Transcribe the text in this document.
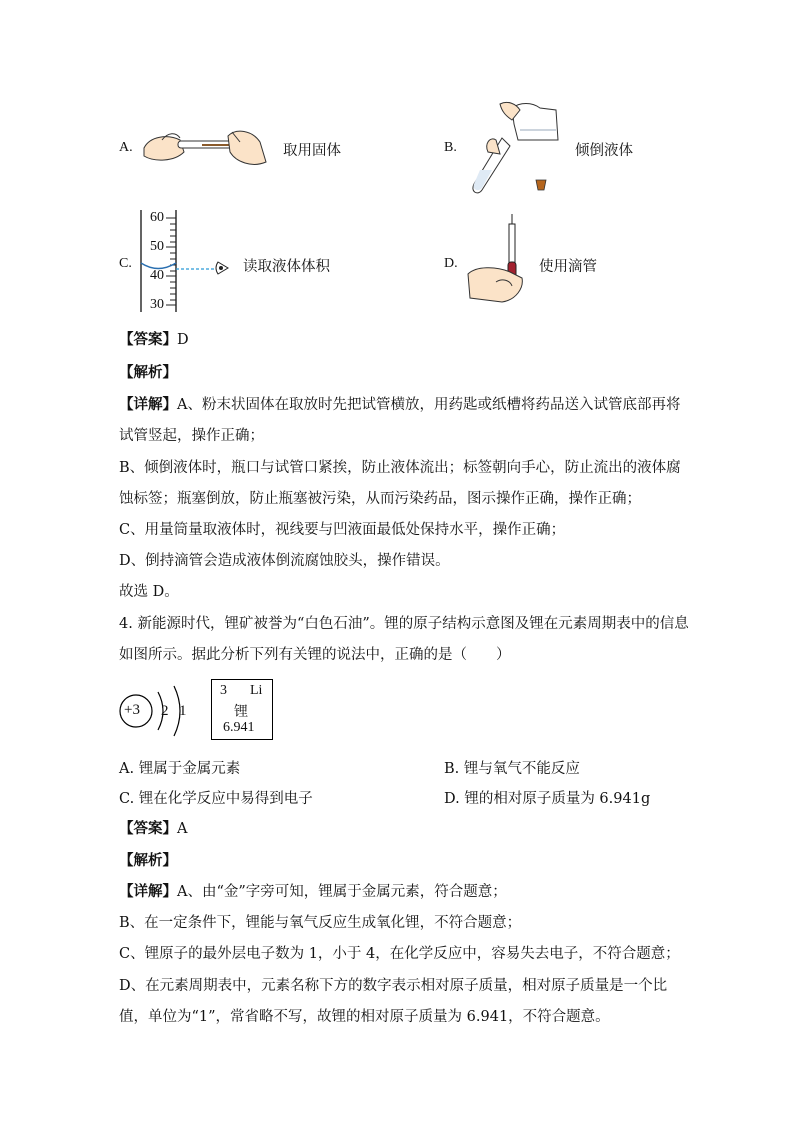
A.	取用固体	B.	倾倒液体
C.
60
50
40
30
读取液体体积	D.	使用滴管
【答案】D
【解析】
【详解】A、粉末状固体在取放时先把试管横放，用药匙或纸槽将药品送入试管底部再将
试管竖起，操作正确；
B、倾倒液体时，瓶口与试管口紧挨，防止液体流出；标签朝向手心，防止流出的液体腐
蚀标签；瓶塞倒放，防止瓶塞被污染，从而污染药品，图示操作正确，操作正确；
C、用量筒量取液体时，视线要与凹液面最低处保持水平，操作正确；
D、倒持滴管会造成液体倒流腐蚀胶头，操作错误。
故选 D。
4. 新能源时代，锂矿被誉为“白色石油”。锂的原子结构示意图及锂在元素周期表中的信息
如图所示。据此分析下列有关锂的说法中，正确的是（　　）
+3 2 1
3 Li
锂
6.941
A. 锂属于金属元素	B. 锂与氧气不能反应
C. 锂在化学反应中易得到电子	D. 锂的相对原子质量为 6.941g
【答案】A
【解析】
【详解】A、由“金”字旁可知，锂属于金属元素，符合题意；
B、在一定条件下，锂能与氧气反应生成氧化锂，不符合题意；
C、锂原子的最外层电子数为 1，小于 4，在化学反应中，容易失去电子，不符合题意；
D、在元素周期表中，元素名称下方的数字表示相对原子质量，相对原子质量是一个比
值，单位为“1”，常省略不写，故锂的相对原子质量为 6.941，不符合题意。
